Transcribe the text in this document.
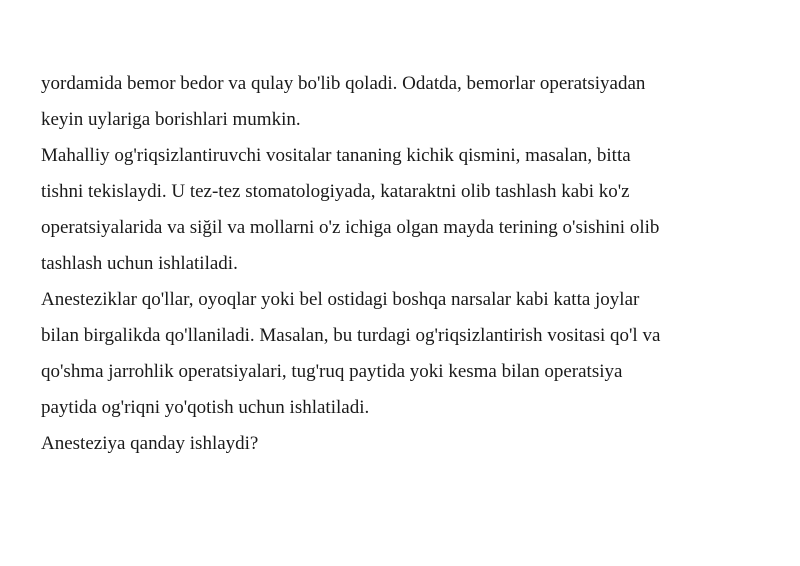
yordamida bemor bedor va qulay bo'lib qoladi. Odatda, bemorlar operatsiyadan
keyin uylariga borishlari mumkin.
Mahalliy og'riqsizlantiruvchi vositalar tananing kichik qismini, masalan, bitta
tishni tekislaydi. U tez-tez stomatologiyada, kataraktni olib tashlash kabi ko'z
operatsiyalarida va siğil va mollarni o'z ichiga olgan mayda terining o'sishini olib
tashlash uchun ishlatiladi.
Anesteziklar qo'llar, oyoqlar yoki bel ostidagi boshqa narsalar kabi katta joylar
bilan birgalikda qo'llaniladi. Masalan, bu turdagi og'riqsizlantirish vositasi qo'l va
qo'shma jarrohlik operatsiyalari, tug'ruq paytida yoki kesma bilan operatsiya
paytida og'riqni yo'qotish uchun ishlatiladi.
Anesteziya qanday ishlaydi?
